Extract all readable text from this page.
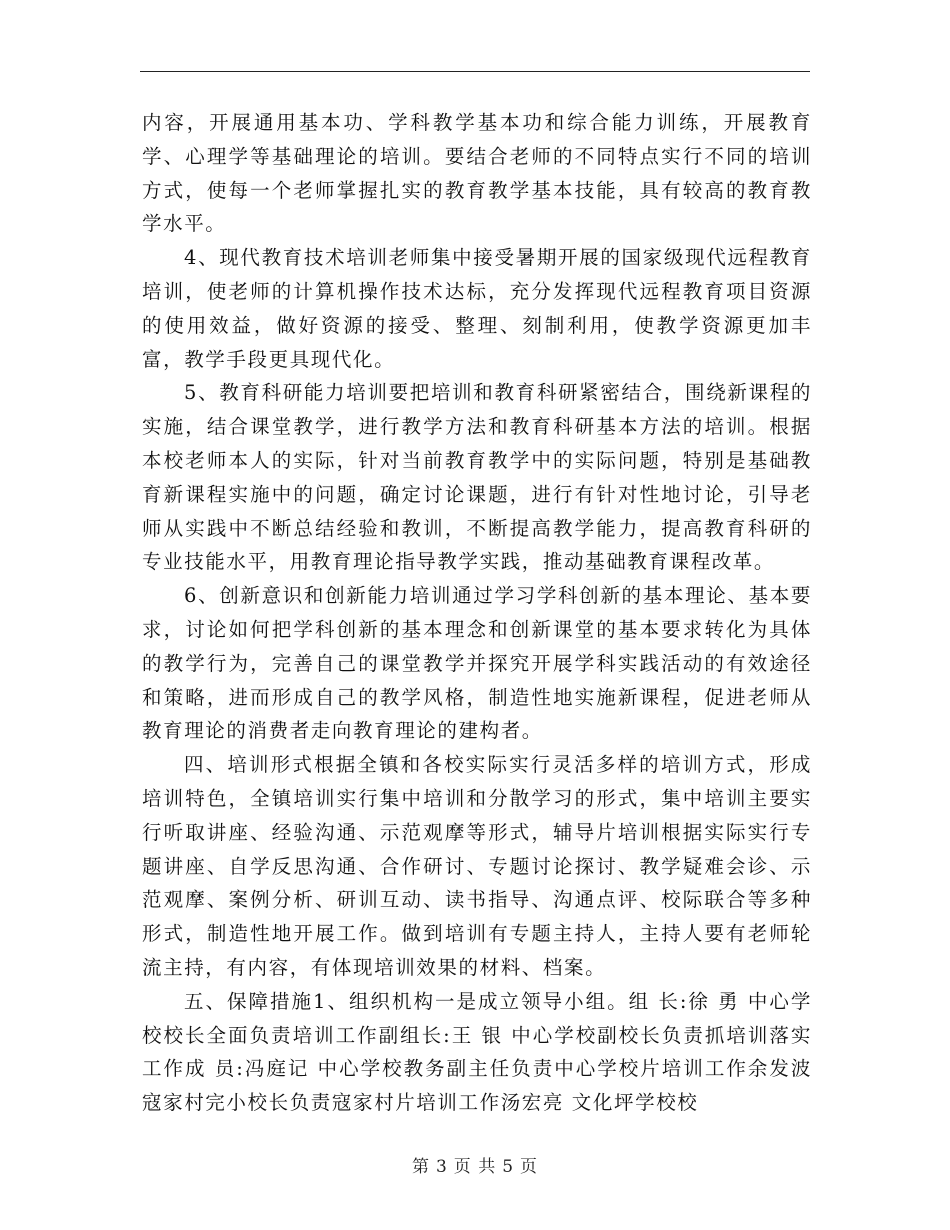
内容，开展通用基本功、学科教学基本功和综合能力训练，开展教育学、心理学等基础理论的培训。要结合老师的不同特点实行不同的培训方式，使每一个老师掌握扎实的教育教学基本技能，具有较高的教育教学水平。

4、现代教育技术培训老师集中接受暑期开展的国家级现代远程教育培训，使老师的计算机操作技术达标，充分发挥现代远程教育项目资源的使用效益，做好资源的接受、整理、刻制利用，使教学资源更加丰富，教学手段更具现代化。

5、教育科研能力培训要把培训和教育科研紧密结合，围绕新课程的实施，结合课堂教学，进行教学方法和教育科研基本方法的培训。根据本校老师本人的实际，针对当前教育教学中的实际问题，特别是基础教育新课程实施中的问题，确定讨论课题，进行有针对性地讨论，引导老师从实践中不断总结经验和教训，不断提高教学能力，提高教育科研的专业技能水平，用教育理论指导教学实践，推动基础教育课程改革。

6、创新意识和创新能力培训通过学习学科创新的基本理论、基本要求，讨论如何把学科创新的基本理念和创新课堂的基本要求转化为具体的教学行为，完善自己的课堂教学并探究开展学科实践活动的有效途径和策略，进而形成自己的教学风格，制造性地实施新课程，促进老师从教育理论的消费者走向教育理论的建构者。

四、培训形式根据全镇和各校实际实行灵活多样的培训方式，形成培训特色，全镇培训实行集中培训和分散学习的形式，集中培训主要实行听取讲座、经验沟通、示范观摩等形式，辅导片培训根据实际实行专题讲座、自学反思沟通、合作研讨、专题讨论探讨、教学疑难会诊、示范观摩、案例分析、研训互动、读书指导、沟通点评、校际联合等多种形式，制造性地开展工作。做到培训有专题主持人，主持人要有老师轮流主持，有内容，有体现培训效果的材料、档案。

五、保障措施1、组织机构一是成立领导小组。组 长:徐 勇 中心学校校长全面负责培训工作副组长:王 银 中心学校副校长负责抓培训落实工作成 员:冯庭记 中心学校教务副主任负责中心学校片培训工作余发波 寇家村完小校长负责寇家村片培训工作汤宏亮 文化坪学校校

第 3 页 共 5 页
